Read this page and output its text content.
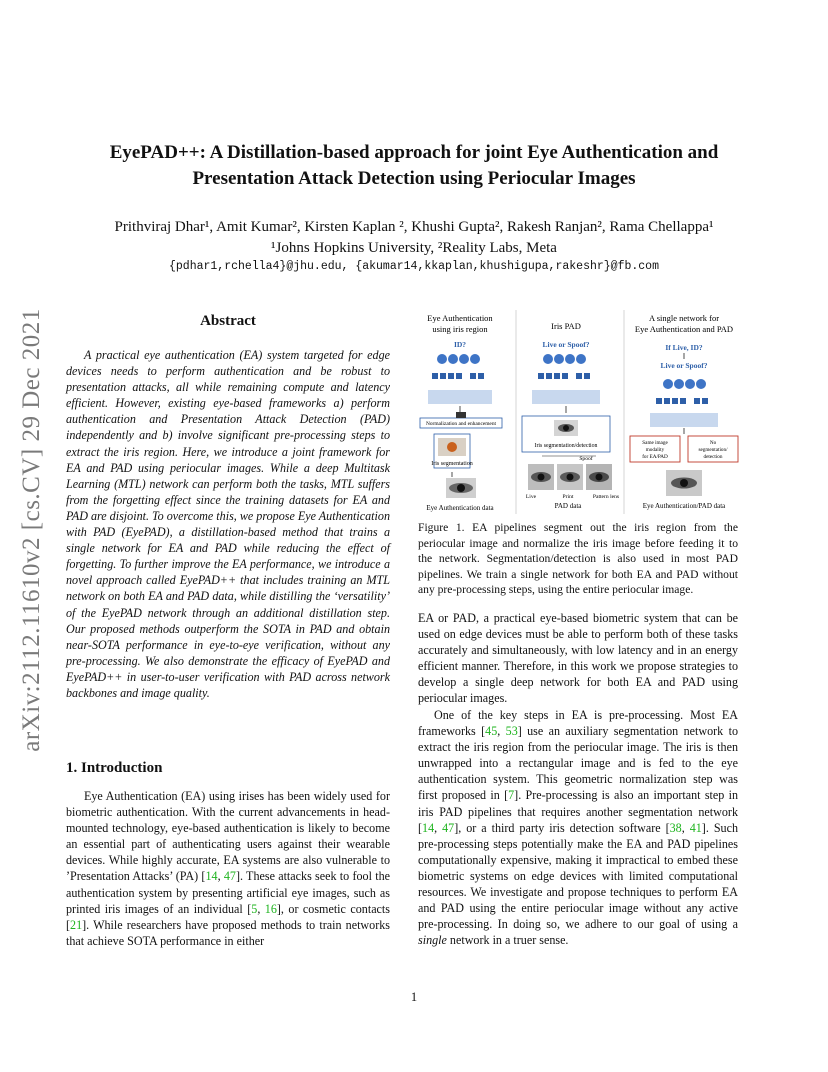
arXiv:2112.11610v2 [cs.CV] 29 Dec 2021
EyePAD++: A Distillation-based approach for joint Eye Authentication and
Presentation Attack Detection using Periocular Images
Prithviraj Dhar¹, Amit Kumar², Kirsten Kaplan ², Khushi Gupta², Rakesh Ranjan², Rama Chellappa¹
¹Johns Hopkins University, ²Reality Labs, Meta
{pdhar1,rchella4}@jhu.edu, {akumar14,kkaplan,khushigupa,rakeshr}@fb.com
Abstract
A practical eye authentication (EA) system targeted for edge devices needs to perform authentication and be robust to presentation attacks, all while remaining compute and latency efficient. However, existing eye-based frameworks a) perform authentication and Presentation Attack Detection (PAD) independently and b) involve significant pre-processing steps to extract the iris region. Here, we introduce a joint framework for EA and PAD using periocular images. While a deep Multitask Learning (MTL) network can perform both the tasks, MTL suffers from the forgetting effect since the training datasets for EA and PAD are disjoint. To overcome this, we propose Eye Authentication with PAD (EyePAD), a distillation-based method that trains a single network for EA and PAD while reducing the effect of forgetting. To further improve the EA performance, we introduce a novel approach called EyePAD++ that includes training an MTL network on both EA and PAD data, while distilling the ‘versatility’ of the EyePAD network through an additional distillation step. Our proposed methods outperform the SOTA in PAD and obtain near-SOTA performance in eye-to-eye verification, without any pre-processing. We also demonstrate the efficacy of EyePAD and EyePAD++ in user-to-user verification with PAD across network backbones and image quality.
1. Introduction
Eye Authentication (EA) using irises has been widely used for biometric authentication. With the current advancements in head-mounted technology, eye-based authentication is likely to become an essential part of authenticating users against their wearable devices. While highly accurate, EA systems are also vulnerable to ’Presentation Attacks’ (PA) [14, 47]. These attacks seek to fool the authentication system by presenting artificial eye images, such as printed iris images of an individual [5, 16], or cosmetic contacts [21]. While researchers have proposed methods to train networks that achieve SOTA performance in either
Eye Authentication
using iris region
ID?
Normalization and enhancement
Iris segmentation
Eye Authentication data
Iris PAD
Live or Spoof?
Iris segmentation/detection
Spoof
Live	Print	Pattern lens
PAD data
A single network for
Eye Authentication and PAD
If Live, ID?
Live or Spoof?
Same image
modality
for EA/PAD
No
segmentation/
detection
Eye Authentication/PAD data
Figure 1. EA pipelines segment out the iris region from the periocular image and normalize the iris image before feeding it to the network. Segmentation/detection is also used in most PAD pipelines. We train a single network for both EA and PAD without any pre-processing steps, using the entire periocular image.
EA or PAD, a practical eye-based biometric system that can be used on edge devices must be able to perform both of these tasks accurately and simultaneously, with low latency and in an energy efficient manner. Therefore, in this work we propose strategies to develop a single deep network for both EA and PAD using periocular images.
One of the key steps in EA is pre-processing. Most EA frameworks [45, 53] use an auxiliary segmentation network to extract the iris region from the periocular image. The iris is then unwrapped into a rectangular image and is fed to the eye authentication system. This geometric normalization step was first proposed in [7]. Pre-processing is also an important step in iris PAD pipelines that requires another segmentation network [14, 47], or a third party iris detection software [38, 41]. Such pre-processing steps potentially make the EA and PAD pipelines computationally expensive, making it impractical to embed these biometric systems on edge devices with limited computational resources. We investigate and propose techniques to perform EA and PAD using the entire periocular image without any active pre-processing. In doing so, we adhere to our goal of using a single network in a truer sense.
1
